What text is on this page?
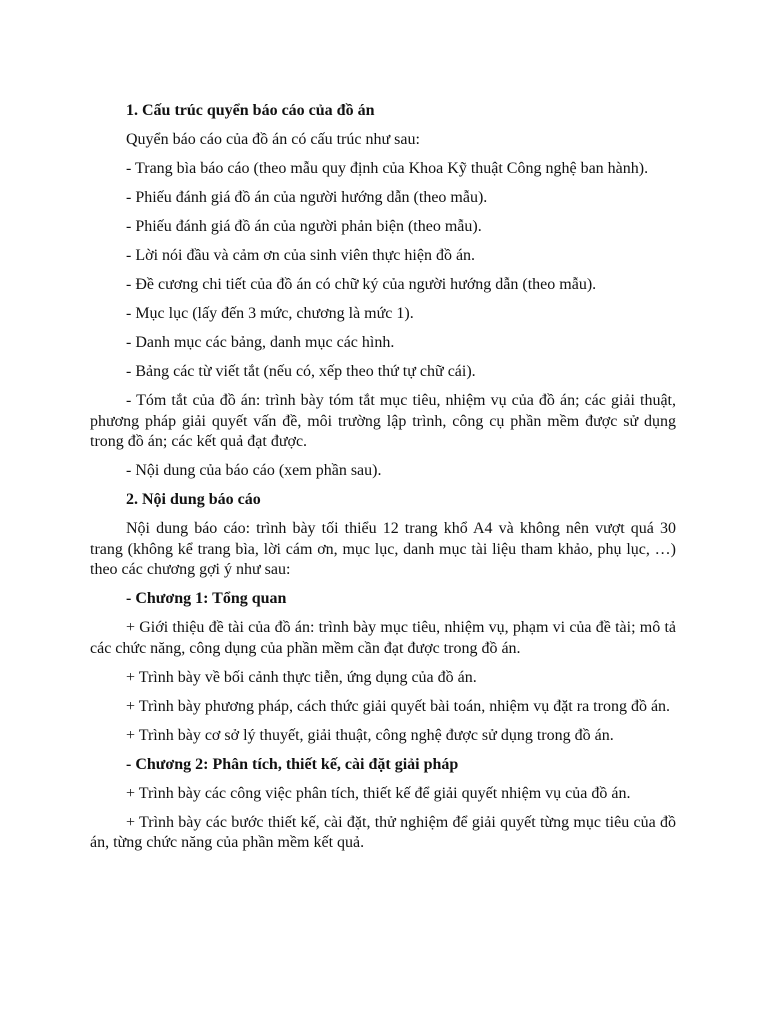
1. Cấu trúc quyển báo cáo của đồ án

Quyển báo cáo của đồ án có cấu trúc như sau:

- Trang bìa báo cáo (theo mẫu quy định của Khoa Kỹ thuật Công nghệ ban hành).

- Phiếu đánh giá đồ án của người hướng dẫn (theo mẫu).

- Phiếu đánh giá đồ án của người phản biện (theo mẫu).

- Lời nói đầu và cảm ơn của sinh viên thực hiện đồ án.

- Đề cương chi tiết của đồ án có chữ ký của người hướng dẫn (theo mẫu).

- Mục lục (lấy đến 3 mức, chương là mức 1).

- Danh mục các bảng, danh mục các hình.

- Bảng các từ viết tắt (nếu có, xếp theo thứ tự chữ cái).

- Tóm tắt của đồ án: trình bày tóm tắt mục tiêu, nhiệm vụ của đồ án; các giải thuật, phương pháp giải quyết vấn đề, môi trường lập trình, công cụ phần mềm được sử dụng trong đồ án; các kết quả đạt được.

- Nội dung của báo cáo (xem phần sau).

2. Nội dung báo cáo

Nội dung báo cáo: trình bày tối thiểu 12 trang khổ A4 và không nên vượt quá 30 trang (không kể trang bìa, lời cám ơn, mục lục, danh mục tài liệu tham khảo, phụ lục, …) theo các chương gợi ý như sau:

- Chương 1: Tổng quan

+ Giới thiệu đề tài của đồ án: trình bày mục tiêu, nhiệm vụ, phạm vi của đề tài; mô tả các chức năng, công dụng của phần mềm cần đạt được trong đồ án.

+ Trình bày về bối cảnh thực tiễn, ứng dụng của đồ án.

+ Trình bày phương pháp, cách thức giải quyết bài toán, nhiệm vụ đặt ra trong đồ án.

+ Trình bày cơ sở lý thuyết, giải thuật, công nghệ được sử dụng trong đồ án.

- Chương 2: Phân tích, thiết kế, cài đặt giải pháp

+ Trình bày các công việc phân tích, thiết kế để giải quyết nhiệm vụ của đồ án.

+ Trình bày các bước thiết kế, cài đặt, thử nghiệm để giải quyết từng mục tiêu của đồ án, từng chức năng của phần mềm kết quả.
